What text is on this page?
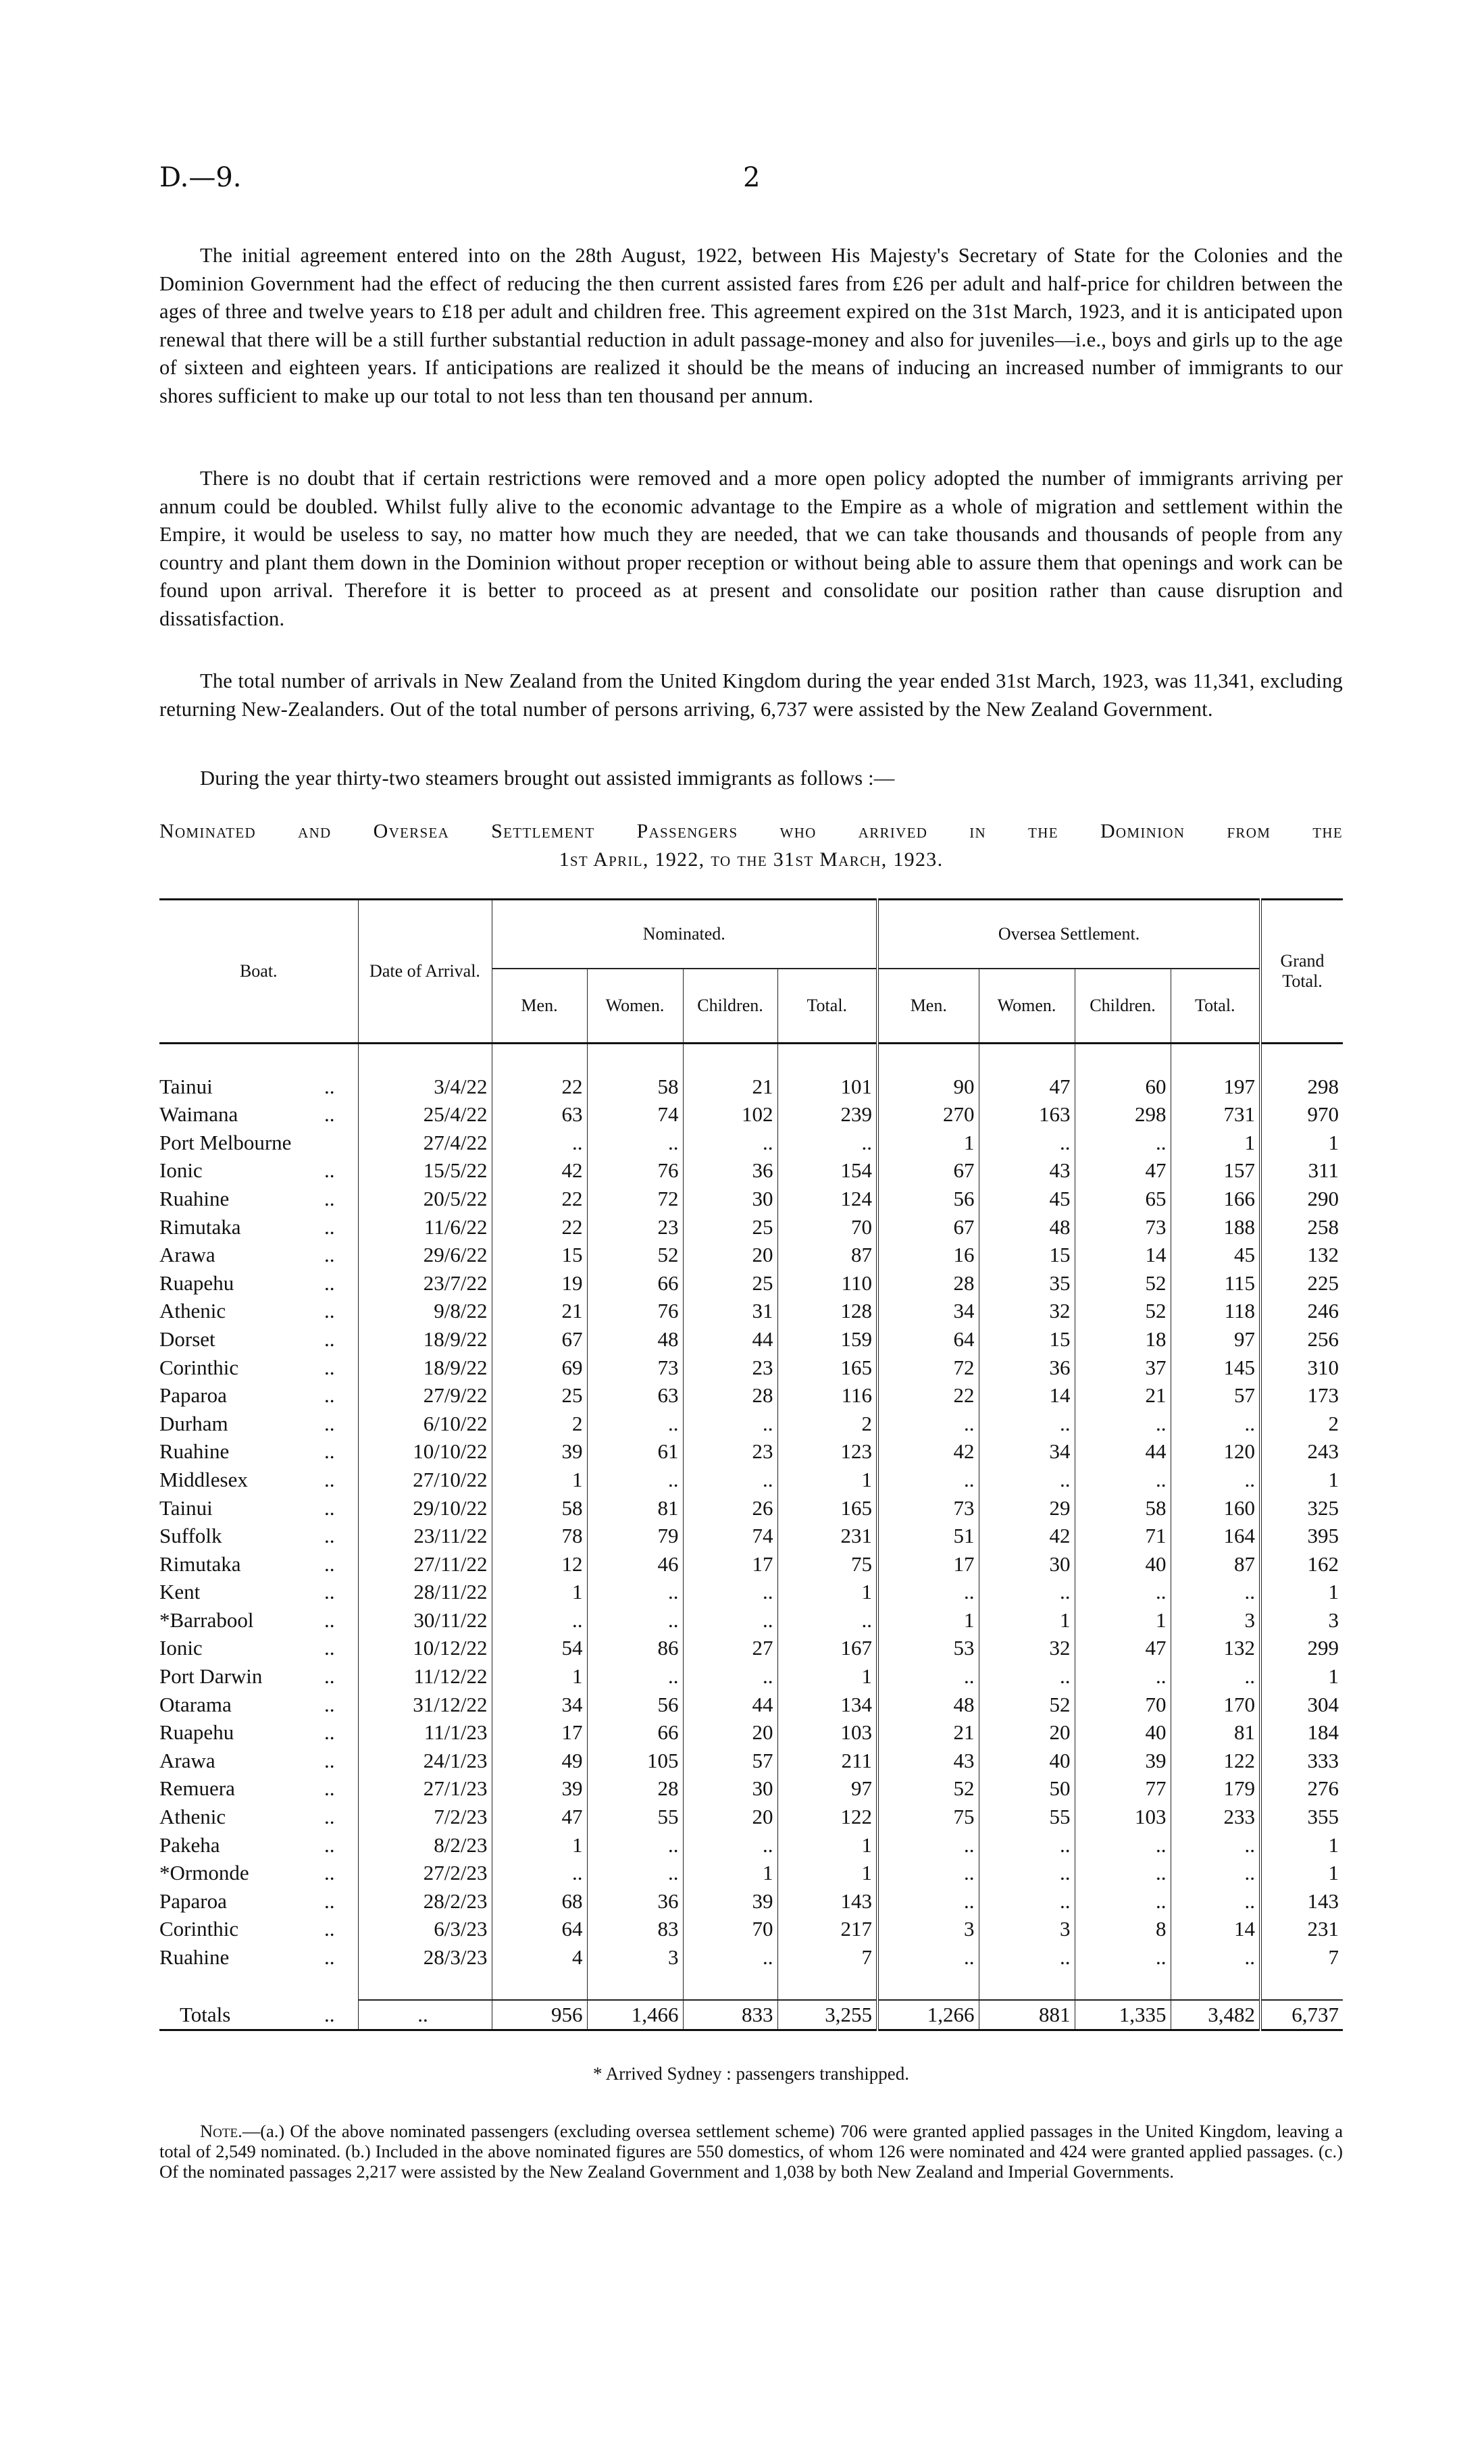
D.—9.	2

The initial agreement entered into on the 28th August, 1922, between His Majesty's Secretary of State for the Colonies and the Dominion Government had the effect of reducing the then current assisted fares from £26 per adult and half-price for children between the ages of three and twelve years to £18 per adult and children free. This agreement expired on the 31st March, 1923, and it is anticipated upon renewal that there will be a still further substantial reduction in adult passage-money and also for juveniles—i.e., boys and girls up to the age of sixteen and eighteen years. If anticipations are realized it should be the means of inducing an increased number of immigrants to our shores sufficient to make up our total to not less than ten thousand per annum.

There is no doubt that if certain restrictions were removed and a more open policy adopted the number of immigrants arriving per annum could be doubled. Whilst fully alive to the economic advantage to the Empire as a whole of migration and settlement within the Empire, it would be useless to say, no matter how much they are needed, that we can take thousands and thousands of people from any country and plant them down in the Dominion without proper reception or without being able to assure them that openings and work can be found upon arrival. Therefore it is better to proceed as at present and consolidate our position rather than cause disruption and dissatisfaction.

The total number of arrivals in New Zealand from the United Kingdom during the year ended 31st March, 1923, was 11,341, excluding returning New-Zealanders. Out of the total number of persons arriving, 6,737 were assisted by the New Zealand Government.

During the year thirty-two steamers brought out assisted immigrants as follows :—

Nominated and Oversea Settlement Passengers who arrived in the Dominion from the
1st April, 1922, to the 31st March, 1923.
Boat.	Date of Arrival.	Nominated.				Oversea Settlement.				Grand Total.
		Men.	Women.	Children.	Total.	Men.	Women.	Children.	Total.	

Tainui ..	3/4/22	22	58	21	101	90	47	60	197	298
Waimana ..	25/4/22	63	74	102	239	270	163	298	731	970
Port Melbourne	27/4/22	..	..	..	..	1	..	..	1	1
Ionic ..	15/5/22	42	76	36	154	67	43	47	157	311
Ruahine ..	20/5/22	22	72	30	124	56	45	65	166	290
Rimutaka ..	11/6/22	22	23	25	70	67	48	73	188	258
Arawa ..	29/6/22	15	52	20	87	16	15	14	45	132
Ruapehu ..	23/7/22	19	66	25	110	28	35	52	115	225
Athenic ..	9/8/22	21	76	31	128	34	32	52	118	246
Dorset ..	18/9/22	67	48	44	159	64	15	18	97	256
Corinthic ..	18/9/22	69	73	23	165	72	36	37	145	310
Paparoa ..	27/9/22	25	63	28	116	22	14	21	57	173
Durham ..	6/10/22	2	..	..	2	..	..	..	..	2
Ruahine ..	10/10/22	39	61	23	123	42	34	44	120	243
Middlesex ..	27/10/22	1	..	..	1	..	..	..	..	1
Tainui ..	29/10/22	58	81	26	165	73	29	58	160	325
Suffolk ..	23/11/22	78	79	74	231	51	42	71	164	395
Rimutaka ..	27/11/22	12	46	17	75	17	30	40	87	162
Kent ..	28/11/22	1	..	..	1	..	..	..	..	1
*Barrabool ..	30/11/22	..	..	..	..	1	1	1	3	3
Ionic ..	10/12/22	54	86	27	167	53	32	47	132	299
Port Darwin ..	11/12/22	1	..	..	1	..	..	..	..	1
Otarama ..	31/12/22	34	56	44	134	48	52	70	170	304
Ruapehu ..	11/1/23	17	66	20	103	21	20	40	81	184
Arawa ..	24/1/23	49	105	57	211	43	40	39	122	333
Remuera ..	27/1/23	39	28	30	97	52	50	77	179	276
Athenic ..	7/2/23	47	55	20	122	75	55	103	233	355
Pakeha ..	8/2/23	1	..	..	1	..	..	..	..	1
*Ormonde ..	27/2/23	..	..	1	1	..	..	..	..	1
Paparoa ..	28/2/23	68	36	39	143	..	..	..	..	143
Corinthic ..	6/3/23	64	83	70	217	3	3	8	14	231
Ruahine ..	28/3/23	4	3	..	7	..	..	..	..	7

Totals ..	..	956	1,466	833	3,255	1,266	881	1,335	3,482	6,737
* Arrived Sydney : passengers transhipped.

Note.—(a.) Of the above nominated passengers (excluding oversea settlement scheme) 706 were granted applied passages in the United Kingdom, leaving a total of 2,549 nominated. (b.) Included in the above nominated figures are 550 domestics, of whom 126 were nominated and 424 were granted applied passages. (c.) Of the nominated passages 2,217 were assisted by the New Zealand Government and 1,038 by both New Zealand and Imperial Governments.
